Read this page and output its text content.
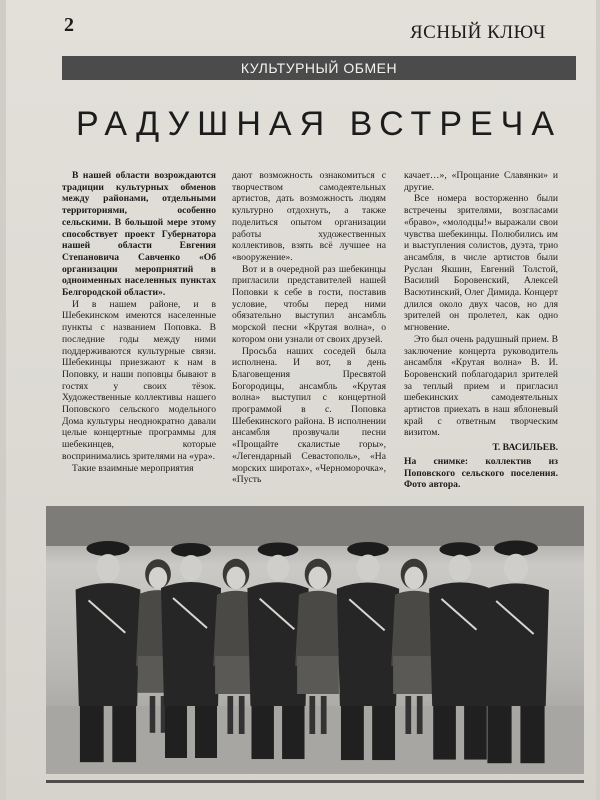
2	ЯСНЫЙ КЛЮЧ
КУЛЬТУРНЫЙ ОБМЕН
РАДУШНАЯ ВСТРЕЧА

В нашей области возрождаются традиции культурных обменов между районами, отдельными территориями, особенно сельскими. В большой мере этому способствует проект Губернатора нашей области Евгения Степановича Савченко «Об организации мероприятий в одноименных населенных пунктах Белгородской области».

И в нашем районе, и в Шебекинском имеются населенные пункты с названием Поповка. В последние годы между ними поддерживаются культурные связи. Шебекинцы приезжают к нам в Поповку, и наши поповцы бывают в гостях у своих тёзок. Художественные коллективы нашего Поповского сельского модельного Дома культуры неоднократно давали целые концертные программы для шебекинцев, которые воспринимались зрителями на «ура».

Такие взаимные мероприятия

дают возможность ознакомиться с творчеством самодеятельных артистов, дать возможность людям культурно отдохнуть, а также поделиться опытом организации работы художественных коллективов, взять всё лучшее на «вооружение».

Вот и в очередной раз шебекинцы пригласили представителей нашей Поповки к себе в гости, поставив условие, чтобы перед ними обязательно выступил ансамбль морской песни «Крутая волна», о котором они узнали от своих друзей.

Просьба наших соседей была исполнена. И вот, в день Благовещения Пресвятой Богородицы, ансамбль «Крутая волна» выступил с концертной программой в с. Поповка Шебекинского района. В исполнении ансамбля прозвучали песни «Прощайте скалистые горы», «Легендарный Севастополь», «На морских широтах», «Черноморочка», «Пусть

качает…», «Прощание Славянки» и другие.

Все номера восторженно были встречены зрителями, возгласами «браво», «молодцы!» выражали свои чувства шебекинцы. Полюбились им и выступления солистов, дуэта, трио ансамбля, в числе артистов были Руслан Якшин, Евгений Толстой, Василий Боровенский, Алексей Васютинский, Олег Димида. Концерт длился около двух часов, но для зрителей он пролетел, как одно мгновение.

Это был очень радушный прием. В заключение концерта руководитель ансамбля «Крутая волна» В. И. Боровенский поблагодарил зрителей за теплый прием и пригласил шебекинских самодеятельных артистов приехать в наш яблоневый край с ответным творческим визитом.

Т. ВАСИЛЬЕВ.
На снимке: коллектив из Поповского сельского поселения. Фото автора.
